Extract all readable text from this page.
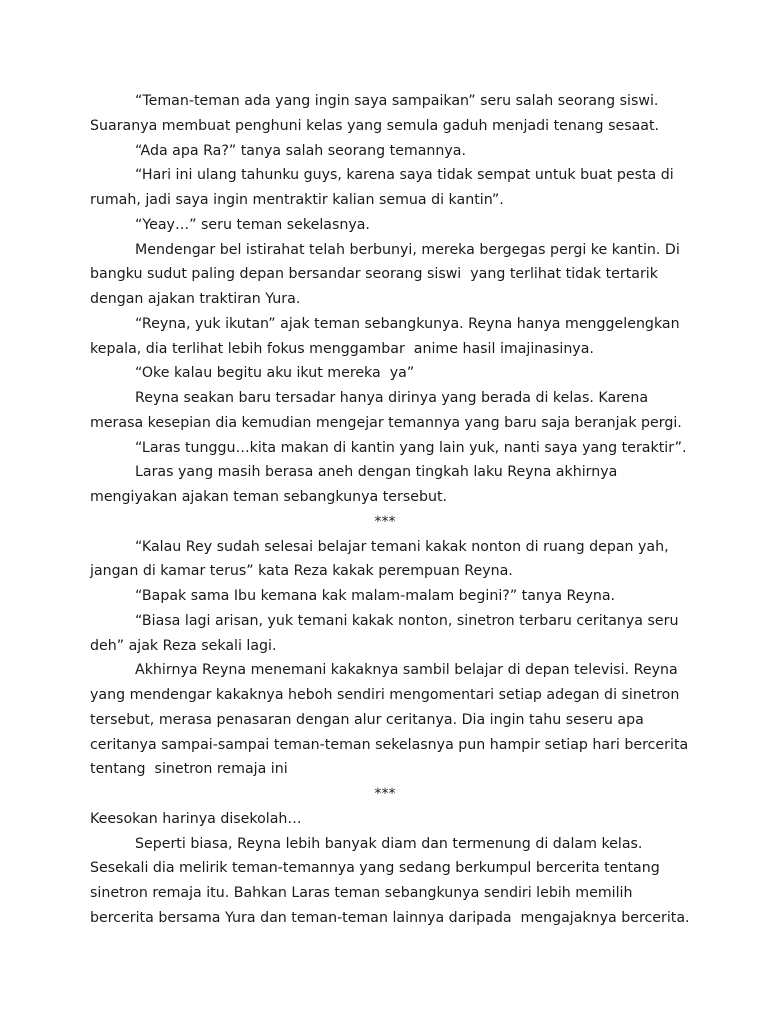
“Teman-teman ada yang ingin saya sampaikan” seru salah seorang siswi.
Suaranya membuat penghuni kelas yang semula gaduh menjadi tenang sesaat.
“Ada apa Ra?” tanya salah seorang temannya.
“Hari ini ulang tahunku guys, karena saya tidak sempat untuk buat pesta di
rumah, jadi saya ingin mentraktir kalian semua di kantin”.
“Yeay…” seru teman sekelasnya.
Mendengar bel istirahat telah berbunyi, mereka bergegas pergi ke kantin. Di
bangku sudut paling depan bersandar seorang siswi  yang terlihat tidak tertarik
dengan ajakan traktiran Yura.
“Reyna, yuk ikutan” ajak teman sebangkunya. Reyna hanya menggelengkan
kepala, dia terlihat lebih fokus menggambar  anime hasil imajinasinya.
“Oke kalau begitu aku ikut mereka  ya”
Reyna seakan baru tersadar hanya dirinya yang berada di kelas. Karena
merasa kesepian dia kemudian mengejar temannya yang baru saja beranjak pergi.
“Laras tunggu…kita makan di kantin yang lain yuk, nanti saya yang teraktir”.
Laras yang masih berasa aneh dengan tingkah laku Reyna akhirnya
mengiyakan ajakan teman sebangkunya tersebut.
***
“Kalau Rey sudah selesai belajar temani kakak nonton di ruang depan yah,
jangan di kamar terus” kata Reza kakak perempuan Reyna.
“Bapak sama Ibu kemana kak malam-malam begini?” tanya Reyna.
“Biasa lagi arisan, yuk temani kakak nonton, sinetron terbaru ceritanya seru
deh” ajak Reza sekali lagi.
Akhirnya Reyna menemani kakaknya sambil belajar di depan televisi. Reyna
yang mendengar kakaknya heboh sendiri mengomentari setiap adegan di sinetron
tersebut, merasa penasaran dengan alur ceritanya. Dia ingin tahu seseru apa
ceritanya sampai-sampai teman-teman sekelasnya pun hampir setiap hari bercerita
tentang  sinetron remaja ini
***
Keesokan harinya disekolah…
Seperti biasa, Reyna lebih banyak diam dan termenung di dalam kelas.
Sesekali dia melirik teman-temannya yang sedang berkumpul bercerita tentang
sinetron remaja itu. Bahkan Laras teman sebangkunya sendiri lebih memilih
bercerita bersama Yura dan teman-teman lainnya daripada  mengajaknya bercerita.
